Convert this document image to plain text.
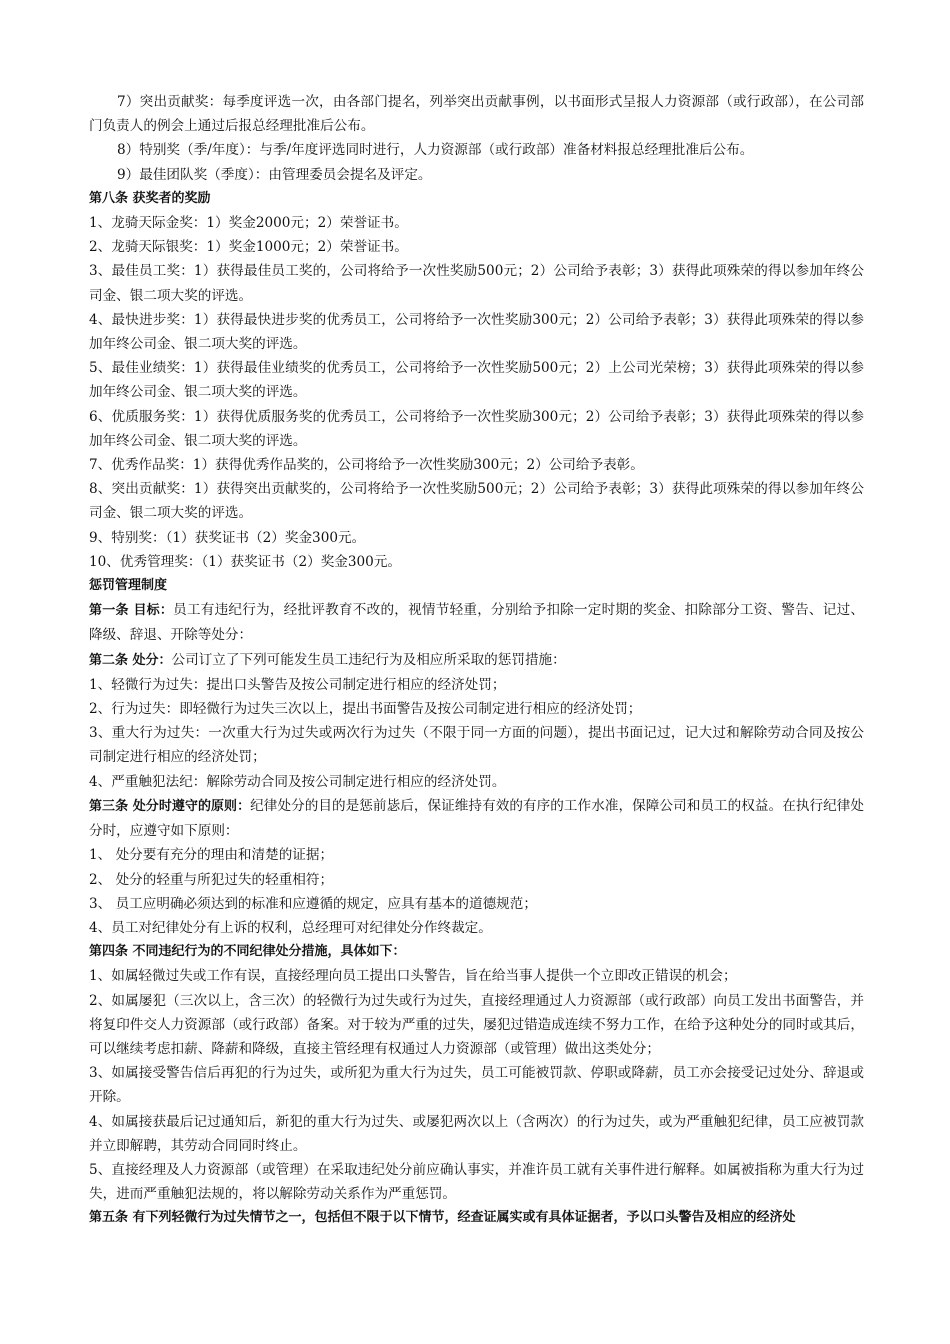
7）突出贡献奖：每季度评选一次，由各部门提名，列举突出贡献事例，以书面形式呈报人力资源部（或行政部），在公司部门负责人的例会上通过后报总经理批准后公布。

8）特别奖（季/年度）：与季/年度评选同时进行，人力资源部（或行政部）准备材料报总经理批准后公布。

9）最佳团队奖（季度）：由管理委员会提名及评定。

第八条 获奖者的奖励

1、龙骑天际金奖：1）奖金2000元；2）荣誉证书。

2、龙骑天际银奖：1）奖金1000元；2）荣誉证书。

3、最佳员工奖：1）获得最佳员工奖的，公司将给予一次性奖励500元；2）公司给予表彰；3）获得此项殊荣的得以参加年终公司金、银二项大奖的评选。

4、最快进步奖：1）获得最快进步奖的优秀员工，公司将给予一次性奖励300元；2）公司给予表彰；3）获得此项殊荣的得以参加年终公司金、银二项大奖的评选。

5、最佳业绩奖：1）获得最佳业绩奖的优秀员工，公司将给予一次性奖励500元；2）上公司光荣榜；3）获得此项殊荣的得以参加年终公司金、银二项大奖的评选。

6、优质服务奖：1）获得优质服务奖的优秀员工，公司将给予一次性奖励300元；2）公司给予表彰；3）获得此项殊荣的得以参加年终公司金、银二项大奖的评选。

7、优秀作品奖：1）获得优秀作品奖的，公司将给予一次性奖励300元；2）公司给予表彰。

8、突出贡献奖：1）获得突出贡献奖的，公司将给予一次性奖励500元；2）公司给予表彰；3）获得此项殊荣的得以参加年终公司金、银二项大奖的评选。

9、特别奖：（1）获奖证书（2）奖金300元。

10、优秀管理奖：（1）获奖证书（2）奖金300元。

惩罚管理制度

第一条 目标：员工有违纪行为，经批评教育不改的，视情节轻重，分别给予扣除一定时期的奖金、扣除部分工资、警告、记过、降级、辞退、开除等处分：

第二条 处分：公司订立了下列可能发生员工违纪行为及相应所采取的惩罚措施：

1、轻微行为过失：提出口头警告及按公司制定进行相应的经济处罚；

2、行为过失：即轻微行为过失三次以上，提出书面警告及按公司制定进行相应的经济处罚；

3、重大行为过失：一次重大行为过失或两次行为过失（不限于同一方面的问题），提出书面记过，记大过和解除劳动合同及按公司制定进行相应的经济处罚；

4、严重触犯法纪：解除劳动合同及按公司制定进行相应的经济处罚。

第三条 处分时遵守的原则：纪律处分的目的是惩前毖后，保证维持有效的有序的工作水准，保障公司和员工的权益。在执行纪律处分时，应遵守如下原则：

1、 处分要有充分的理由和清楚的证据；

2、 处分的轻重与所犯过失的轻重相符；

3、 员工应明确必须达到的标准和应遵循的规定，应具有基本的道德规范；

4、员工对纪律处分有上诉的权利，总经理可对纪律处分作终裁定。

第四条 不同违纪行为的不同纪律处分措施，具体如下：

1、如属轻微过失或工作有误，直接经理向员工提出口头警告，旨在给当事人提供一个立即改正错误的机会；

2、如属屡犯（三次以上，含三次）的轻微行为过失或行为过失，直接经理通过人力资源部（或行政部）向员工发出书面警告，并将复印件交人力资源部（或行政部）备案。对于较为严重的过失，屡犯过错造成连续不努力工作，在给予这种处分的同时或其后，可以继续考虑扣薪、降薪和降级，直接主管经理有权通过人力资源部（或管理）做出这类处分；

3、如属接受警告信后再犯的行为过失，或所犯为重大行为过失，员工可能被罚款、停职或降薪，员工亦会接受记过处分、辞退或开除。

4、如属接获最后记过通知后，新犯的重大行为过失、或屡犯两次以上（含两次）的行为过失，或为严重触犯纪律，员工应被罚款并立即解聘，其劳动合同同时终止。

5、直接经理及人力资源部（或管理）在采取违纪处分前应确认事实，并准许员工就有关事件进行解释。如属被指称为重大行为过失，进而严重触犯法规的，将以解除劳动关系作为严重惩罚。

第五条 有下列轻微行为过失情节之一，包括但不限于以下情节，经查证属实或有具体证据者，予以口头警告及相应的经济处
